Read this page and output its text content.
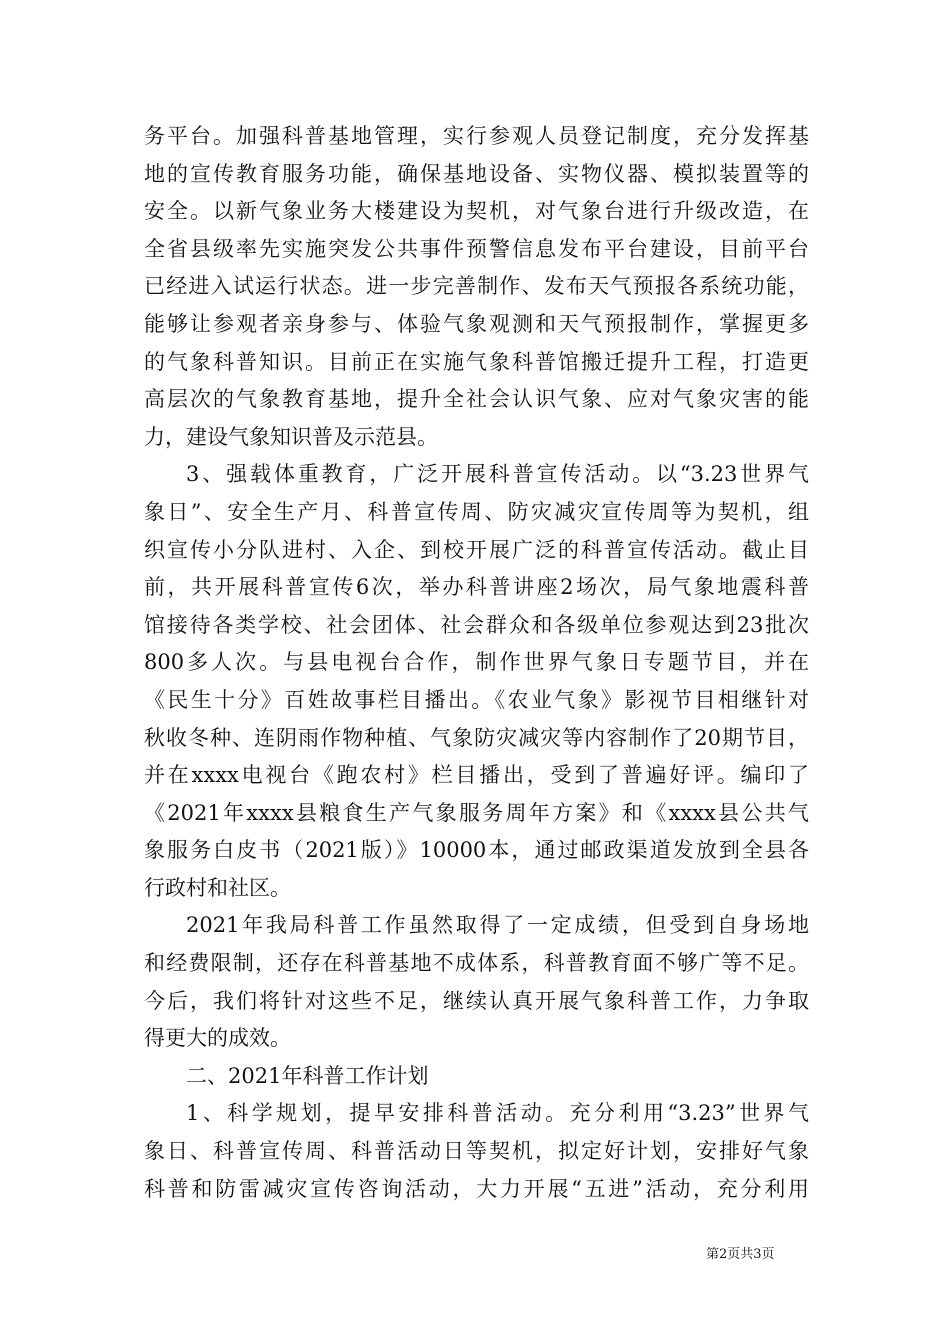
务平台。加强科普基地管理，实行参观人员登记制度，充分发挥基
地的宣传教育服务功能，确保基地设备、实物仪器、模拟装置等的
安全。以新气象业务大楼建设为契机，对气象台进行升级改造，在
全省县级率先实施突发公共事件预警信息发布平台建设，目前平台
已经进入试运行状态。进一步完善制作、发布天气预报各系统功能，
能够让参观者亲身参与、体验气象观测和天气预报制作，掌握更多
的气象科普知识。目前正在实施气象科普馆搬迁提升工程，打造更
高层次的气象教育基地，提升全社会认识气象、应对气象灾害的能
力，建设气象知识普及示范县。
3、强载体重教育，广泛开展科普宣传活动。以“3.23世界气
象日”、安全生产月、科普宣传周、防灾减灾宣传周等为契机，组
织宣传小分队进村、入企、到校开展广泛的科普宣传活动。截止目
前，共开展科普宣传6次，举办科普讲座2场次，局气象地震科普
馆接待各类学校、社会团体、社会群众和各级单位参观达到23批次
800多人次。与县电视台合作，制作世界气象日专题节目，并在
《民生十分》百姓故事栏目播出。《农业气象》影视节目相继针对
秋收冬种、连阴雨作物种植、气象防灾减灾等内容制作了20期节目，
并在xxxx电视台《跑农村》栏目播出，受到了普遍好评。编印了
《2021年xxxx县粮食生产气象服务周年方案》和《xxxx县公共气
象服务白皮书（2021版）》10000本，通过邮政渠道发放到全县各
行政村和社区。
2021年我局科普工作虽然取得了一定成绩，但受到自身场地
和经费限制，还存在科普基地不成体系，科普教育面不够广等不足。
今后，我们将针对这些不足，继续认真开展气象科普工作，力争取
得更大的成效。
二、2021年科普工作计划
1、科学规划，提早安排科普活动。充分利用“3.23”世界气
象日、科普宣传周、科普活动日等契机，拟定好计划，安排好气象
科普和防雷减灾宣传咨询活动，大力开展“五进”活动，充分利用
第2页共3页
